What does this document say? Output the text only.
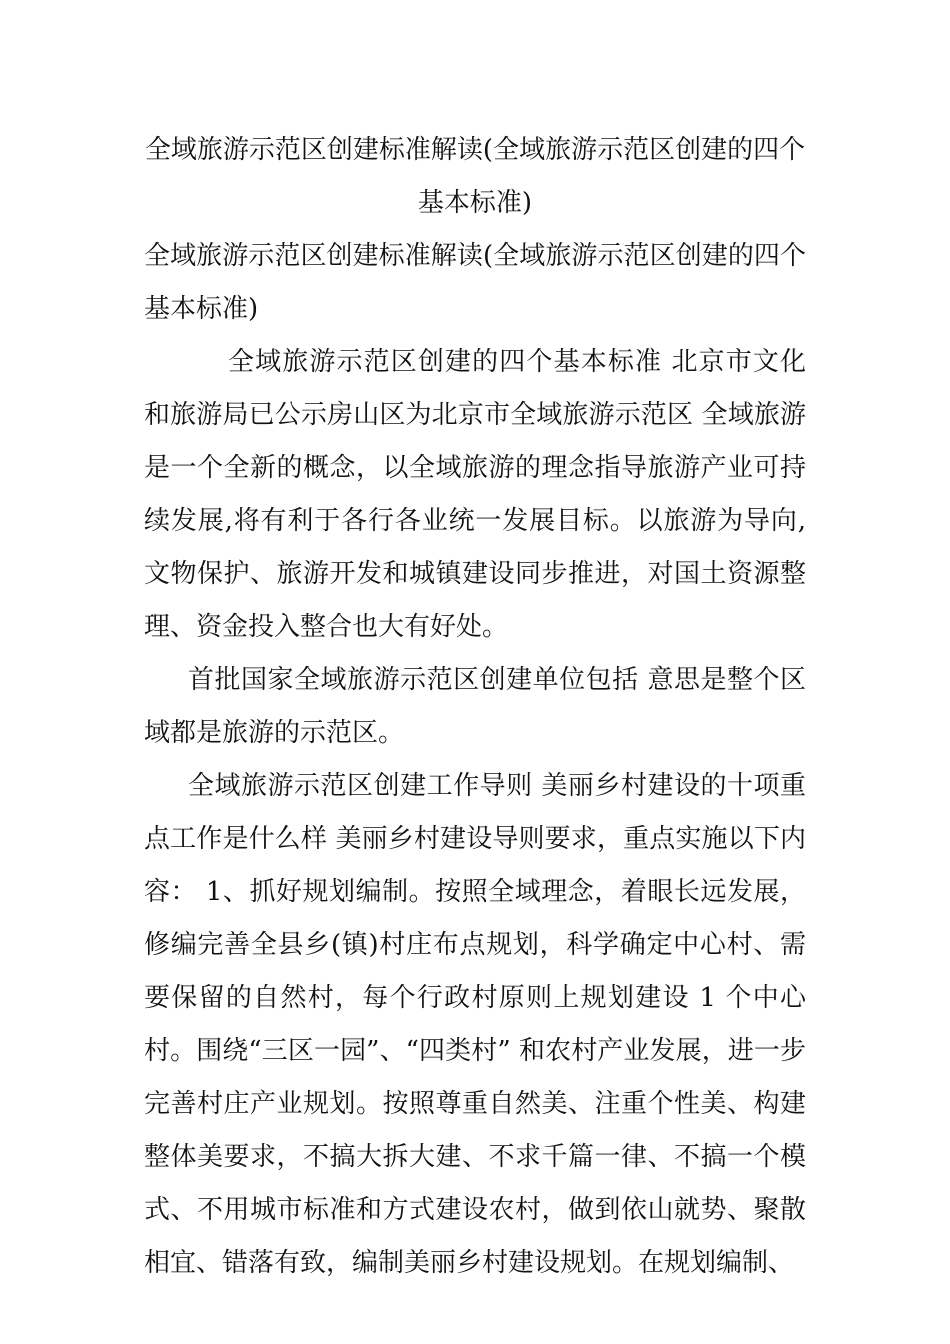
全域旅游示范区创建标准解读(全域旅游示范区创建的四个基本标准)

全域旅游示范区创建标准解读(全域旅游示范区创建的四个基本标准)

全域旅游示范区创建的四个基本标准 北京市文化和旅游局已公示房山区为北京市全域旅游示范区 全域旅游是一个全新的概念，以全域旅游的理念指导旅游产业可持续发展,将有利于各行各业统一发展目标。以旅游为导向,文物保护、旅游开发和城镇建设同步推进，对国土资源整理、资金投入整合也大有好处。

首批国家全域旅游示范区创建单位包括 意思是整个区域都是旅游的示范区。

全域旅游示范区创建工作导则 美丽乡村建设的十项重点工作是什么样 美丽乡村建设导则要求，重点实施以下内容： 1、抓好规划编制。按照全域理念，着眼长远发展，修编完善全县乡(镇)村庄布点规划，科学确定中心村、需要保留的自然村，每个行政村原则上规划建设 1 个中心村。围绕“三区一园”、“四类村” 和农村产业发展，进一步完善村庄产业规划。按照尊重自然美、注重个性美、构建整体美要求，不搞大拆大建、不求千篇一律、不搞一个模式、不用城市标准和方式建设农村，做到依山就势、聚散相宜、错落有致，编制美丽乡村建设规划。在规划编制、
